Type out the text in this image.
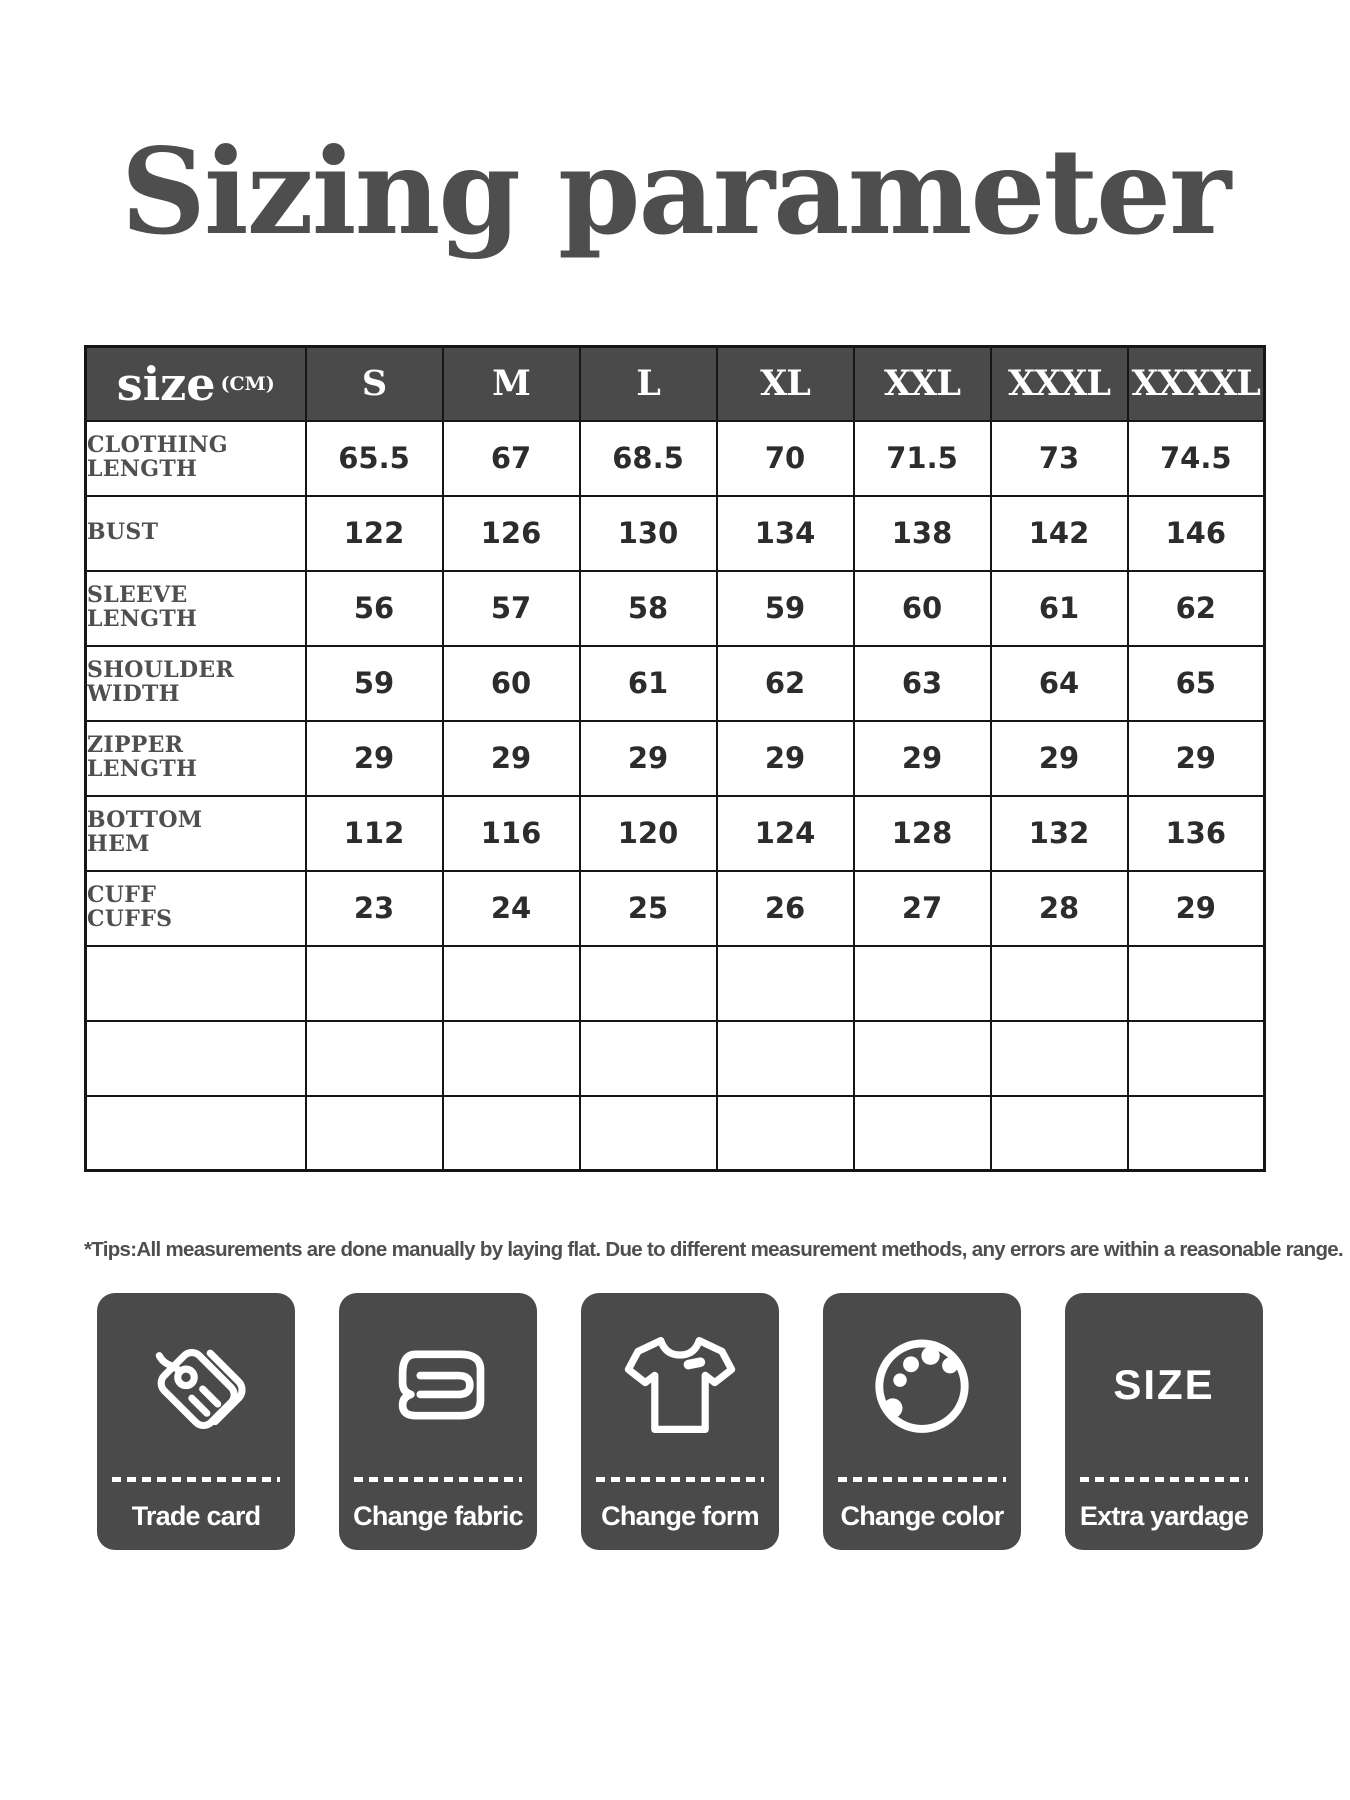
Sizing parameter
size (CM)	S	M	L	XL	XXL	XXXL	XXXXL

CLOTHING
LENGTH	65.5	67	68.5	70	71.5	73	74.5

BUST	122	126	130	134	138	142	146

SLEEVE
LENGTH	56	57	58	59	60	61	62

SHOULDER
WIDTH	59	60	61	62	63	64	65

ZIPPER
LENGTH	29	29	29	29	29	29	29

BOTTOM
HEM	112	116	120	124	128	132	136

CUFF
CUFFS	23	24	25	26	27	28	29

*Tips:All measurements are done manually by laying flat. Due to different measurement methods, any errors are within a reasonable range.
Trade card	Change fabric	Change form	Change color
SIZE
Extra yardage
